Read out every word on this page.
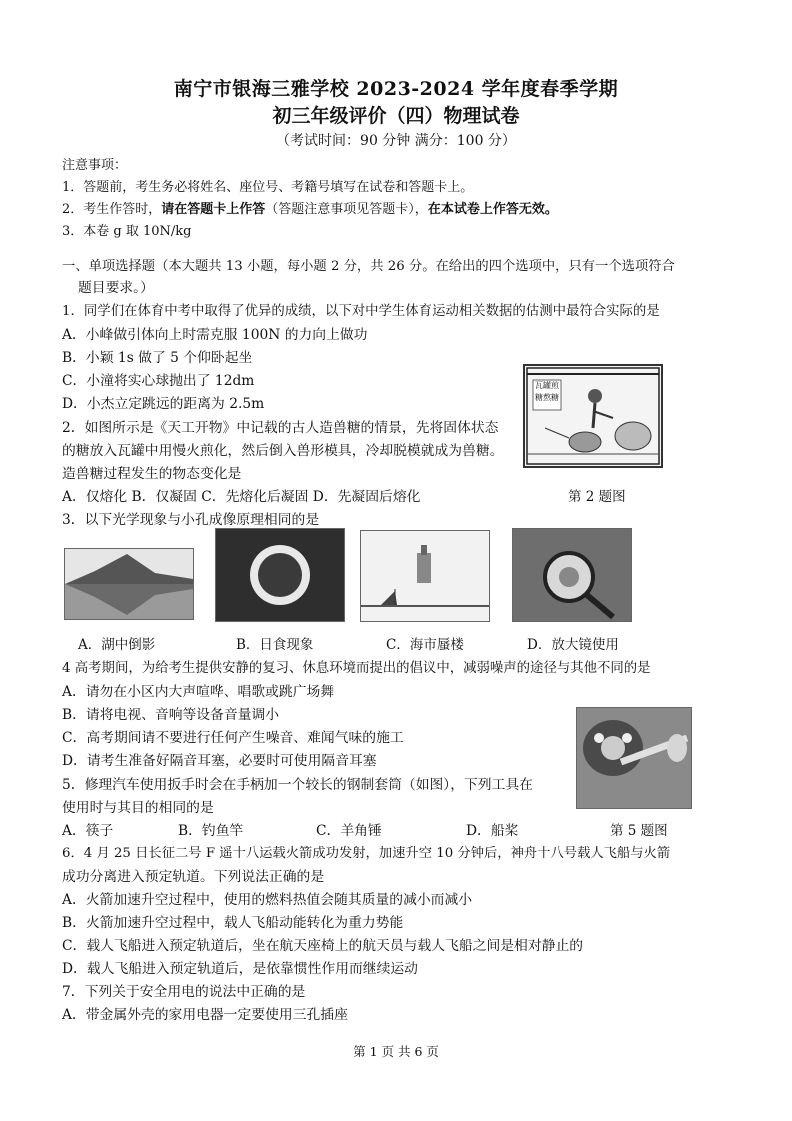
南宁市银海三雅学校 2023-2024 学年度春季学期
初三年级评价（四）物理试卷
（考试时间：90 分钟 满分：100 分）
注意事项：
1．答题前，考生务必将姓名、座位号、考籍号填写在试卷和答题卡上。
2．考生作答时，请在答题卡上作答（答题注意事项见答题卡），在本试卷上作答无效。
3．本卷 g 取 10N/kg
一、单项选择题（本大题共 13 小题，每小题 2 分，共 26 分。在给出的四个选项中，只有一个选项符合
题目要求。）
1．同学们在体育中考中取得了优异的成绩，以下对中学生体育运动相关数据的估测中最符合实际的是
A．小峰做引体向上时需克服 100N 的力向上做功
B．小颖 1s 做了 5 个仰卧起坐
C．小潼将实心球抛出了 12dm
D．小杰立定跳远的距离为 2.5m
瓦罐煎
糖熬糖
2．如图所示是《天工开物》中记载的古人造兽糖的情景，先将固体状态
的糖放入瓦罐中用慢火煎化，然后倒入兽形模具，冷却脱模就成为兽糖。
造兽糖过程发生的物态变化是
A．仅熔化 B．仅凝固 C．先熔化后凝固 D．先凝固后熔化	第 2 题图
3．以下光学现象与小孔成像原理相同的是
A．湖中倒影	B．日食现象	C．海市蜃楼	D．放大镜使用
4 高考期间，为给考生提供安静的复习、休息环境而提出的倡议中，减弱噪声的途径与其他不同的是
A．请勿在小区内大声喧哗、唱歌或跳广场舞
B．请将电视、音响等设备音量调小
C．高考期间请不要进行任何产生噪音、难闻气味的施工
D．请考生准备好隔音耳塞，必要时可使用隔音耳塞
5．修理汽车使用扳手时会在手柄加一个较长的钢制套筒（如图），下列工具在
使用时与其目的相同的是
A．筷子	B．钓鱼竿	C．羊角锤	D．船桨	第 5 题图
6．4 月 25 日长征二号 F 遥十八运载火箭成功发射，加速升空 10 分钟后，神舟十八号载人飞船与火箭
成功分离进入预定轨道。下列说法正确的是
A．火箭加速升空过程中，使用的燃料热值会随其质量的减小而减小
B．火箭加速升空过程中，载人飞船动能转化为重力势能
C．载人飞船进入预定轨道后，坐在航天座椅上的航天员与载人飞船之间是相对静止的
D．载人飞船进入预定轨道后，是依靠惯性作用而继续运动
7．下列关于安全用电的说法中正确的是
A．带金属外壳的家用电器一定要使用三孔插座
第 1 页 共 6 页
